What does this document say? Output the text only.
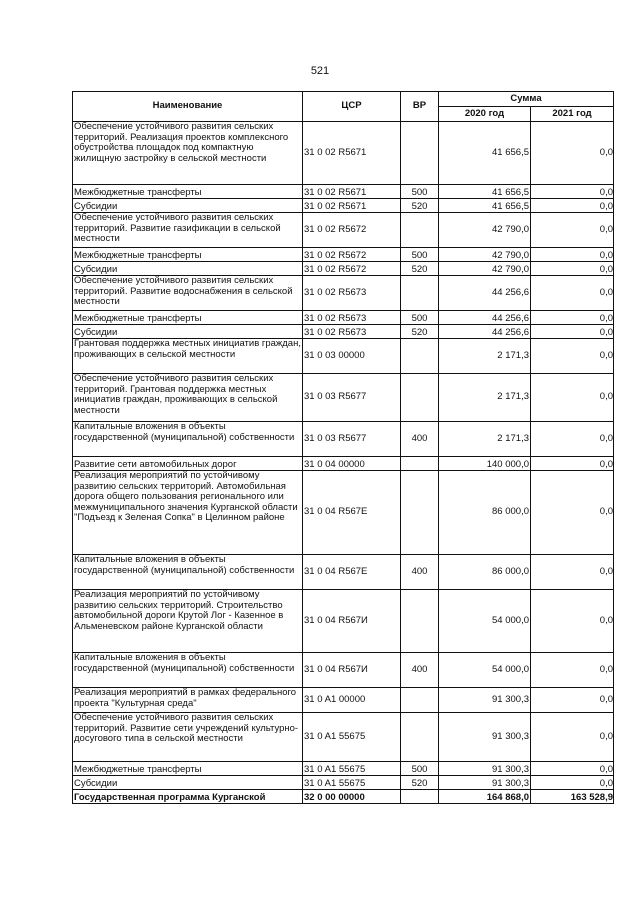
521
Наименование	ЦСР	ВР	Сумма	
			2020 год	2021 год
Обеспечение устойчивого развития сельских территорий. Реализация проектов комплексного обустройства площадок под компактную жилищную застройку в сельской местности	31 0 02 R5671		41 656,5	0,0
Межбюджетные трансферты	31 0 02 R5671	500	41 656,5	0,0
Субсидии	31 0 02 R5671	520	41 656,5	0,0
Обеспечение устойчивого развития сельских территорий. Развитие газификации в сельской местности	31 0 02 R5672		42 790,0	0,0
Межбюджетные трансферты	31 0 02 R5672	500	42 790,0	0,0
Субсидии	31 0 02 R5672	520	42 790,0	0,0
Обеспечение устойчивого развития сельских территорий. Развитие водоснабжения в сельской местности	31 0 02 R5673		44 256,6	0,0
Межбюджетные трансферты	31 0 02 R5673	500	44 256,6	0,0
Субсидии	31 0 02 R5673	520	44 256,6	0,0
Грантовая поддержка местных инициатив граждан, проживающих в сельской местности	31 0 03 00000		2 171,3	0,0
Обеспечение устойчивого развития сельских территорий. Грантовая поддержка местных инициатив граждан, проживающих в сельской местности	31 0 03 R5677		2 171,3	0,0
Капитальные вложения в объекты государственной (муниципальной) собственности	31 0 03 R5677	400	2 171,3	0,0
Развитие сети автомобильных дорог	31 0 04 00000		140 000,0	0,0
Реализация мероприятий по устойчивому развитию сельских территорий. Автомобильная дорога общего пользования регионального или межмуниципального значения Курганской области "Подъезд к Зеленая Сопка" в Целинном районе	31 0 04 R567E		86 000,0	0,0
Капитальные вложения в объекты государственной (муниципальной) собственности	31 0 04 R567E	400	86 000,0	0,0
Реализация мероприятий по устойчивому развитию сельских территорий. Строительство автомобильной дороги Крутой Лог - Казенное в Альменевском районе Курганской области	31 0 04 R567И		54 000,0	0,0
Капитальные вложения в объекты государственной (муниципальной) собственности	31 0 04 R567И	400	54 000,0	0,0
Реализация мероприятий в рамках федерального проекта "Культурная среда"	31 0 A1 00000		91 300,3	0,0
Обеспечение устойчивого развития сельских территорий. Развитие сети учреждений культурно-досугового типа в сельской местности	31 0 A1 55675		91 300,3	0,0
Межбюджетные трансферты	31 0 A1 55675	500	91 300,3	0,0
Субсидии	31 0 A1 55675	520	91 300,3	0,0
Государственная программа Курганской	32 0 00 00000		164 868,0	163 528,9
